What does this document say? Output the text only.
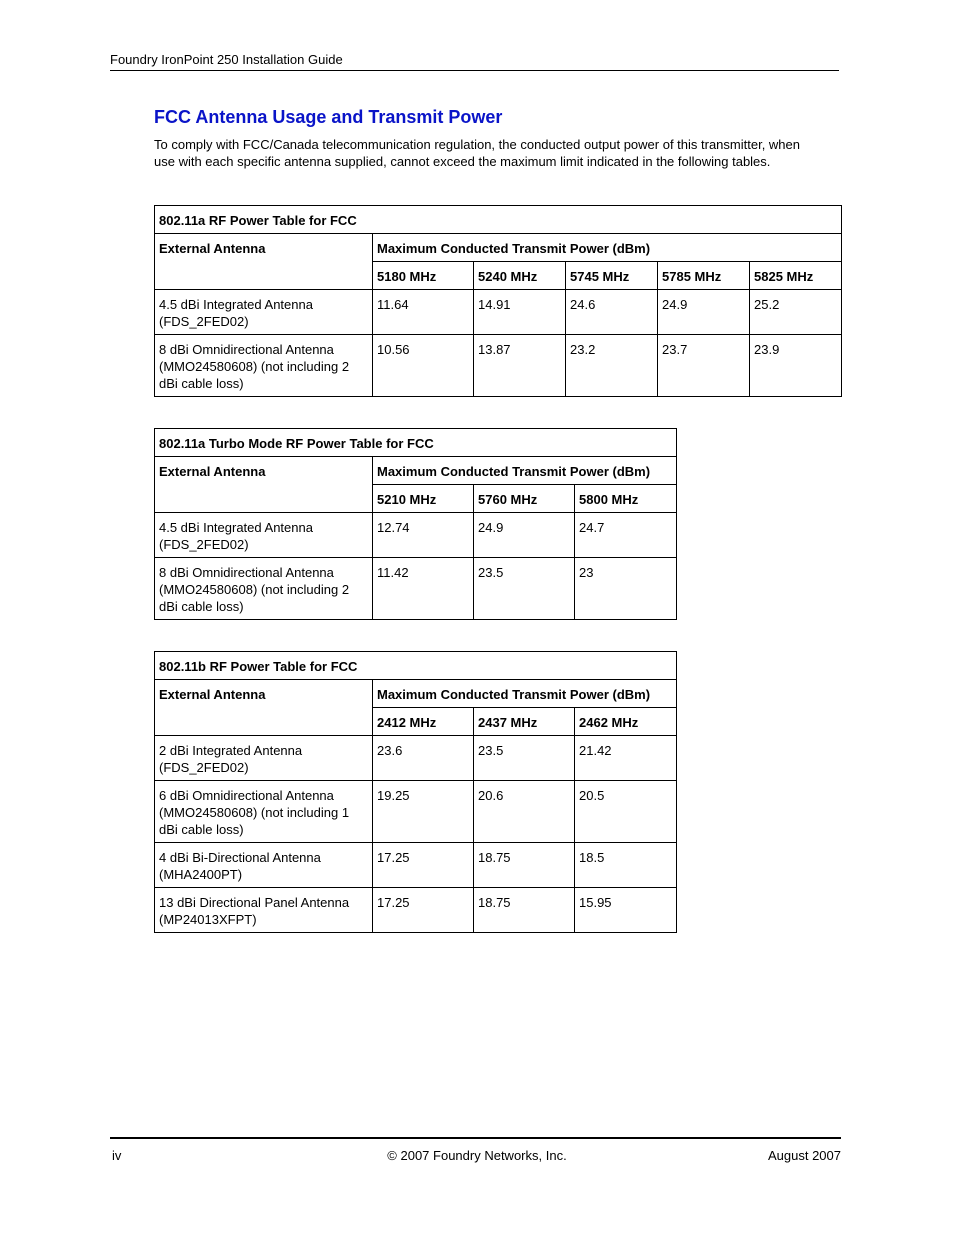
Foundry IronPoint 250 Installation Guide
FCC Antenna Usage and Transmit Power

To comply with FCC/Canada telecommunication regulation, the conducted output power of this transmitter, when use with each specific antenna supplied, cannot exceed the maximum limit indicated in the following tables.

802.11a RF Power Table for FCC					
External Antenna	Maximum Conducted Transmit Power (dBm)				
	5180 MHz	5240 MHz	5745 MHz	5785 MHz	5825 MHz
4.5 dBi Integrated Antenna (FDS_2FED02)	11.64	14.91	24.6	24.9	25.2
8 dBi Omnidirectional Antenna (MMO24580608) (not including 2 dBi cable loss)	10.56	13.87	23.2	23.7	23.9
802.11a Turbo Mode RF Power Table for FCC			
External Antenna	Maximum Conducted Transmit Power (dBm)		
	5210 MHz	5760 MHz	5800 MHz
4.5 dBi Integrated Antenna (FDS_2FED02)	12.74	24.9	24.7
8 dBi Omnidirectional Antenna (MMO24580608) (not including 2 dBi cable loss)	11.42	23.5	23
802.11b RF Power Table for FCC			
External Antenna	Maximum Conducted Transmit Power (dBm)		
	2412 MHz	2437 MHz	2462 MHz
2 dBi Integrated Antenna (FDS_2FED02)	23.6	23.5	21.42
6 dBi Omnidirectional Antenna (MMO24580608) (not including 1 dBi cable loss)	19.25	20.6	20.5
4 dBi Bi-Directional Antenna (MHA2400PT)	17.25	18.75	18.5
13 dBi Directional Panel Antenna (MP24013XFPT)	17.25	18.75	15.95
iv	© 2007 Foundry Networks, Inc.	August 2007
